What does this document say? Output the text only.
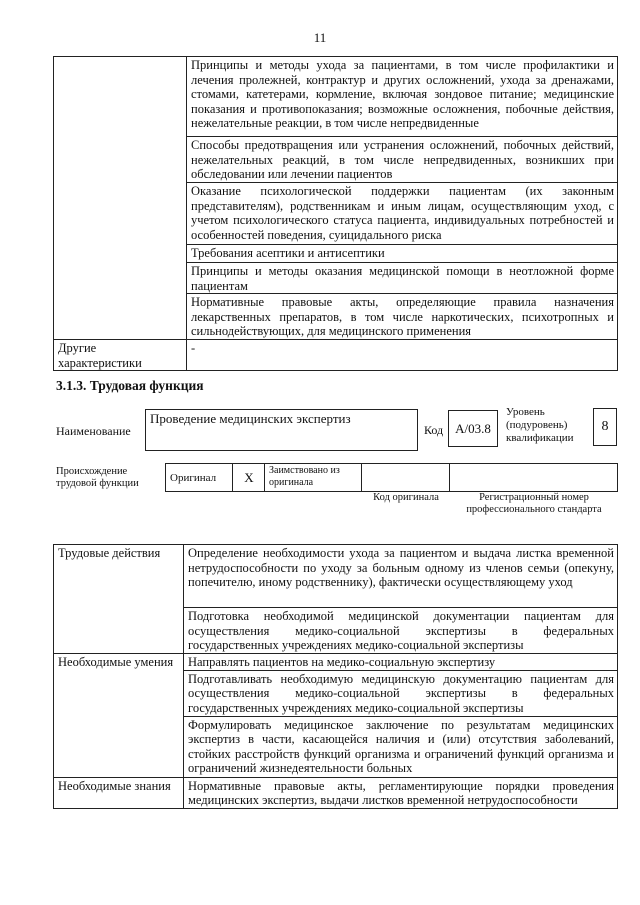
11
	Принципы и методы ухода за пациентами, в том числе профилактики и лечения пролежней, контрактур и других осложнений, ухода за дренажами, стомами, катетерами, кормление, включая зондовое питание; медицинские показания и противопоказания; возможные осложнения, побочные действия, нежелательные реакции, в том числе непредвиденные
	Способы предотвращения или устранения осложнений, побочных действий, нежелательных реакций, в том числе непредвиденных, возникших при обследовании или лечении пациентов
	Оказание психологической поддержки пациентам (их законным представителям), родственникам и иным лицам, осуществляющим уход, с учетом психологического статуса пациента, индивидуальных потребностей и особенностей поведения, суицидального риска
	Требования асептики и антисептики
	Принципы и методы оказания медицинской помощи в неотложной форме пациентам
	Нормативные правовые акты, определяющие правила назначения лекарственных препаратов, в том числе наркотических, психотропных и сильнодействующих, для медицинского применения
Другие характеристики	-
3.1.3. Трудовая функция
Наименование
Проведение медицинских экспертиз
Код А/03.8
Уровень (подуровень) квалификации
8
Происхождение трудовой функции	Оригинал	X	Заимствовано из оригинала		
Код оригинала	Регистрационный номер профессионального стандарта
Трудовые действия	Определение необходимости ухода за пациентом и выдача листка временной нетрудоспособности по уходу за больным одному из членов семьи (опекуну, попечителю, иному родственнику), фактически осуществляющему уход
	Подготовка необходимой медицинской документации пациентам для осуществления медико-социальной экспертизы в федеральных государственных учреждениях медико-социальной экспертизы
Необходимые умения	Направлять пациентов на медико-социальную экспертизу
	Подготавливать необходимую медицинскую документацию пациентам для осуществления медико-социальной экспертизы в федеральных государственных учреждениях медико-социальной экспертизы
	Формулировать медицинское заключение по результатам медицинских экспертиз в части, касающейся наличия и (или) отсутствия заболеваний, стойких расстройств функций организма и ограничений функций организма и ограничений жизнедеятельности больных
Необходимые знания	Нормативные правовые акты, регламентирующие порядки проведения медицинских экспертиз, выдачи листков временной нетрудоспособности
